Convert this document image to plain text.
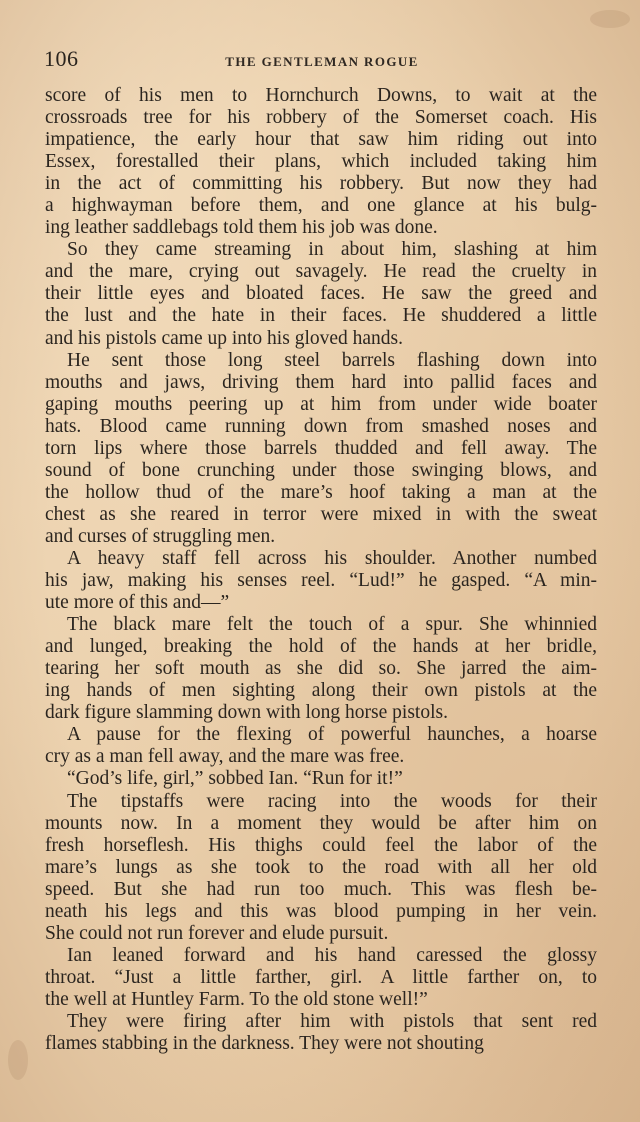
106	THE GENTLEMAN ROGUE

score of his men to Hornchurch Downs, to wait at the
crossroads tree for his robbery of the Somerset coach. His
impatience, the early hour that saw him riding out into
Essex, forestalled their plans, which included taking him
in the act of committing his robbery. But now they had
a highwayman before them, and one glance at his bulg-
ing leather saddlebags told them his job was done.

So they came streaming in about him, slashing at him
and the mare, crying out savagely. He read the cruelty in
their little eyes and bloated faces. He saw the greed and
the lust and the hate in their faces. He shuddered a little
and his pistols came up into his gloved hands.

He sent those long steel barrels flashing down into
mouths and jaws, driving them hard into pallid faces and
gaping mouths peering up at him from under wide boater
hats. Blood came running down from smashed noses and
torn lips where those barrels thudded and fell away. The
sound of bone crunching under those swinging blows, and
the hollow thud of the mare’s hoof taking a man at the
chest as she reared in terror were mixed in with the sweat
and curses of struggling men.

A heavy staff fell across his shoulder. Another numbed
his jaw, making his senses reel. “Lud!” he gasped. “A min-
ute more of this and—”

The black mare felt the touch of a spur. She whinnied
and lunged, breaking the hold of the hands at her bridle,
tearing her soft mouth as she did so. She jarred the aim-
ing hands of men sighting along their own pistols at the
dark figure slamming down with long horse pistols.

A pause for the flexing of powerful haunches, a hoarse
cry as a man fell away, and the mare was free.

“God’s life, girl,” sobbed Ian. “Run for it!”

The tipstaffs were racing into the woods for their
mounts now. In a moment they would be after him on
fresh horseflesh. His thighs could feel the labor of the
mare’s lungs as she took to the road with all her old
speed. But she had run too much. This was flesh be-
neath his legs and this was blood pumping in her vein.
She could not run forever and elude pursuit.

Ian leaned forward and his hand caressed the glossy
throat. “Just a little farther, girl. A little farther on, to
the well at Huntley Farm. To the old stone well!”

They were firing after him with pistols that sent red
flames stabbing in the darkness. They were not shouting
